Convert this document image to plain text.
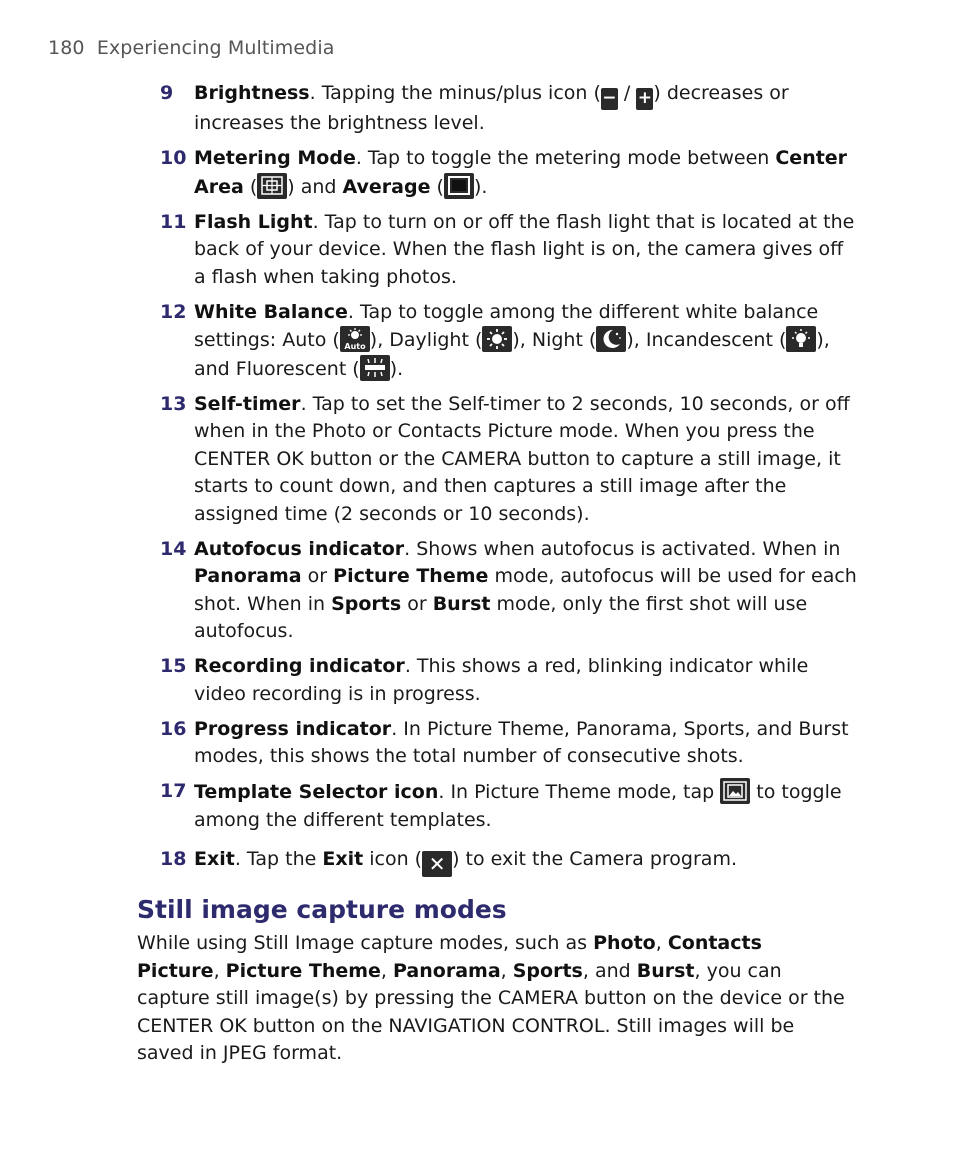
180 Experiencing Multimedia
9 Brightness. Tapping the minus/plus icon (− / +) decreases or increases the brightness level.
10 Metering Mode. Tap to toggle the metering mode between Center Area ( ) and Average ( ).
11 Flash Light. Tap to turn on or off the flash light that is located at the back of your device. When the flash light is on, the camera gives off a flash when taking photos.
12 White Balance. Tap to toggle among the different white balance settings: Auto ( Auto ), Daylight ( ), Night ( ), Incandescent ( ), and Fluorescent ( ).
13 Self-timer. Tap to set the Self-timer to 2 seconds, 10 seconds, or off when in the Photo or Contacts Picture mode. When you press the CENTER OK button or the CAMERA button to capture a still image, it starts to count down, and then captures a still image after the assigned time (2 seconds or 10 seconds).
14 Autofocus indicator. Shows when autofocus is activated. When in Panorama or Picture Theme mode, autofocus will be used for each shot. When in Sports or Burst mode, only the first shot will use autofocus.
15 Recording indicator. This shows a red, blinking indicator while video recording is in progress.
16 Progress indicator. In Picture Theme, Panorama, Sports, and Burst modes, this shows the total number of consecutive shots.
17 Template Selector icon. In Picture Theme mode, tap
to toggle among the different templates.
18 Exit. Tap the Exit icon ( ✕ ) to exit the Camera program.
Still image capture modes
While using Still Image capture modes, such as Photo, Contacts Picture, Picture Theme, Panorama, Sports, and Burst, you can capture still image(s) by pressing the CAMERA button on the device or the CENTER OK button on the NAVIGATION CONTROL. Still images will be saved in JPEG format.
